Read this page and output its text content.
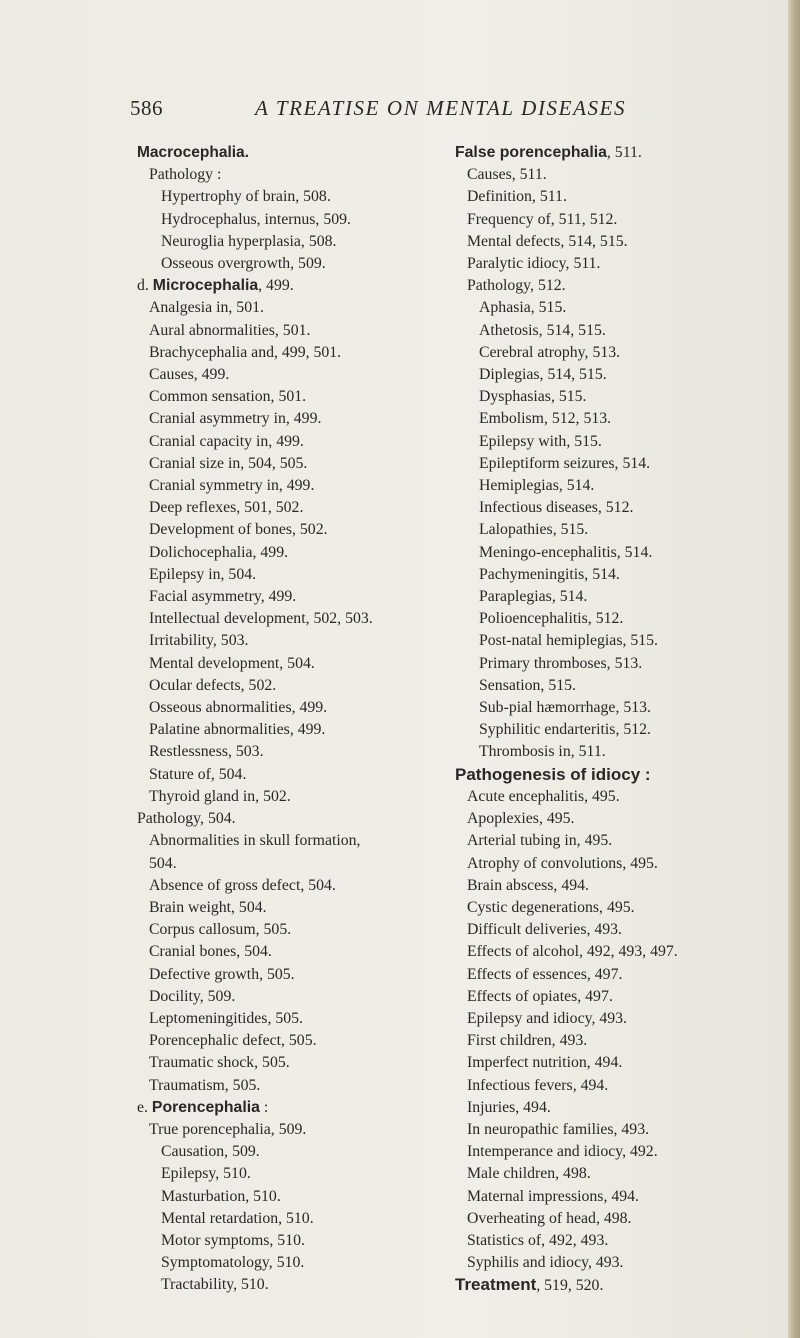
586	A TREATISE ON MENTAL DISEASES
Macrocephalia.
Pathology :
Hypertrophy of brain, 508.
Hydrocephalus, internus, 509.
Neuroglia hyperplasia, 508.
Osseous overgrowth, 509.
d. Microcephalia, 499.
Analgesia in, 501.
Aural abnormalities, 501.
Brachycephalia and, 499, 501.
Causes, 499.
Common sensation, 501.
Cranial asymmetry in, 499.
Cranial capacity in, 499.
Cranial size in, 504, 505.
Cranial symmetry in, 499.
Deep reflexes, 501, 502.
Development of bones, 502.
Dolichocephalia, 499.
Epilepsy in, 504.
Facial asymmetry, 499.
Intellectual development, 502, 503.
Irritability, 503.
Mental development, 504.
Ocular defects, 502.
Osseous abnormalities, 499.
Palatine abnormalities, 499.
Restlessness, 503.
Stature of, 504.
Thyroid gland in, 502.
Pathology, 504.
Abnormalities in skull formation,
504.
Absence of gross defect, 504.
Brain weight, 504.
Corpus callosum, 505.
Cranial bones, 504.
Defective growth, 505.
Docility, 509.
Leptomeningitides, 505.
Porencephalic defect, 505.
Traumatic shock, 505.
Traumatism, 505.
e. Porencephalia :
True porencephalia, 509.
Causation, 509.
Epilepsy, 510.
Masturbation, 510.
Mental retardation, 510.
Motor symptoms, 510.
Symptomatology, 510.
Tractability, 510.
False porencephalia, 511.
Causes, 511.
Definition, 511.
Frequency of, 511, 512.
Mental defects, 514, 515.
Paralytic idiocy, 511.
Pathology, 512.
Aphasia, 515.
Athetosis, 514, 515.
Cerebral atrophy, 513.
Diplegias, 514, 515.
Dysphasias, 515.
Embolism, 512, 513.
Epilepsy with, 515.
Epileptiform seizures, 514.
Hemiplegias, 514.
Infectious diseases, 512.
Lalopathies, 515.
Meningo-encephalitis, 514.
Pachymeningitis, 514.
Paraplegias, 514.
Polioencephalitis, 512.
Post-natal hemiplegias, 515.
Primary thromboses, 513.
Sensation, 515.
Sub-pial hæmorrhage, 513.
Syphilitic endarteritis, 512.
Thrombosis in, 511.
Pathogenesis of idiocy :
Acute encephalitis, 495.
Apoplexies, 495.
Arterial tubing in, 495.
Atrophy of convolutions, 495.
Brain abscess, 494.
Cystic degenerations, 495.
Difficult deliveries, 493.
Effects of alcohol, 492, 493, 497.
Effects of essences, 497.
Effects of opiates, 497.
Epilepsy and idiocy, 493.
First children, 493.
Imperfect nutrition, 494.
Infectious fevers, 494.
Injuries, 494.
In neuropathic families, 493.
Intemperance and idiocy, 492.
Male children, 498.
Maternal impressions, 494.
Overheating of head, 498.
Statistics of, 492, 493.
Syphilis and idiocy, 493.
Treatment, 519, 520.
